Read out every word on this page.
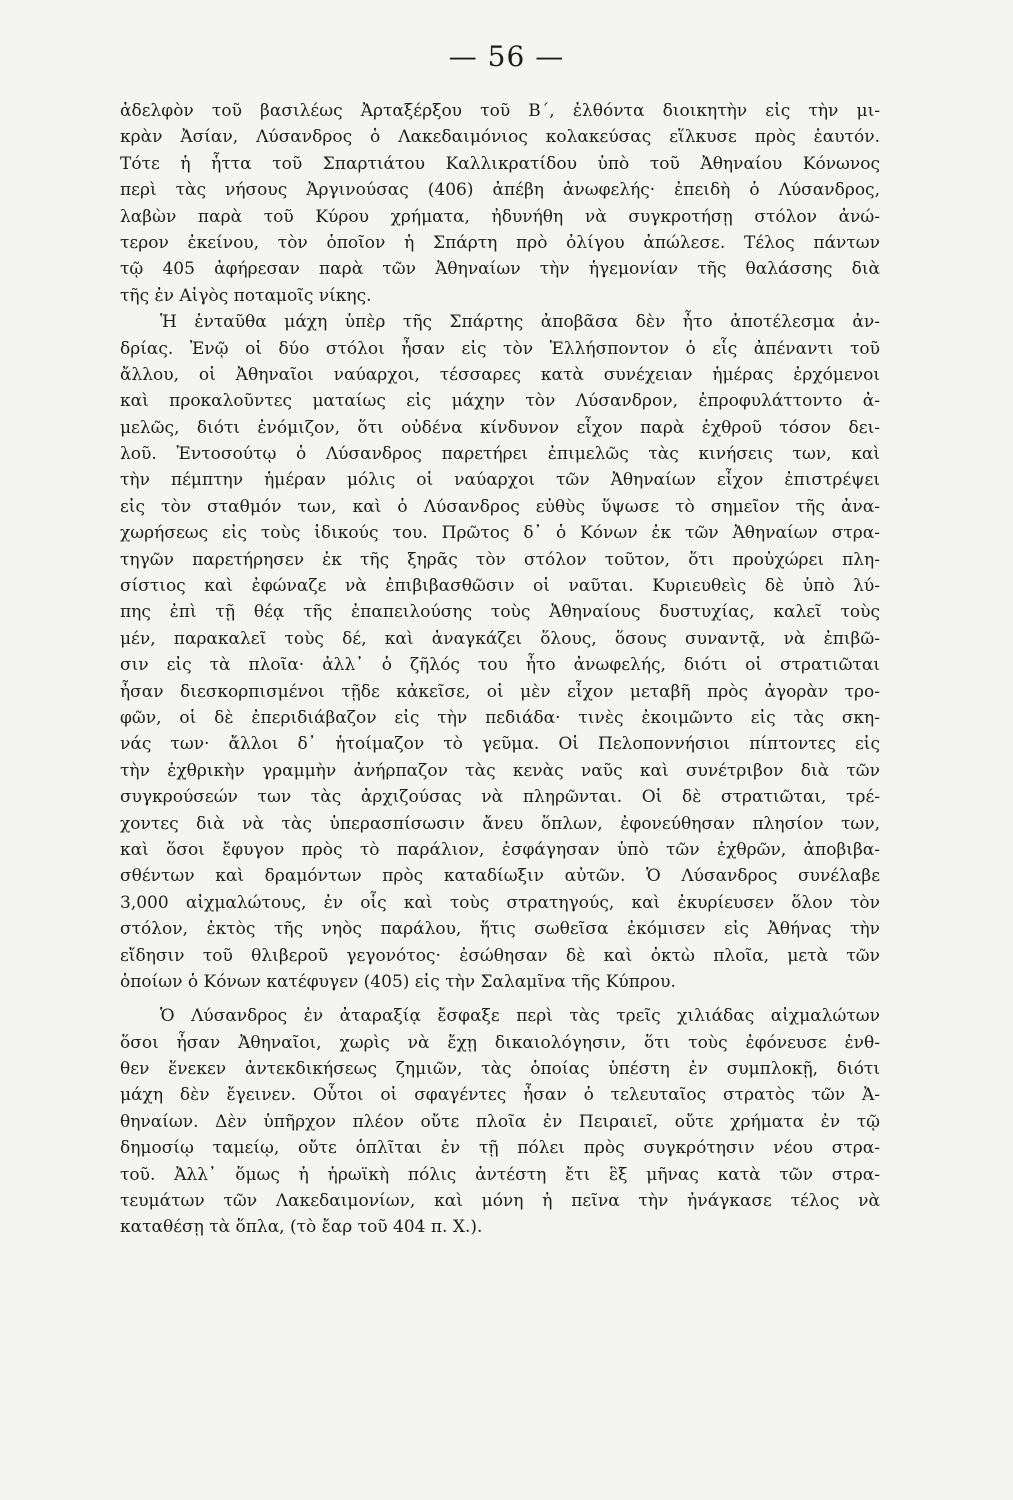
— 56 —
ἀδελφὸν τοῦ βασιλέως Ἀρταξέρξου τοῦ Β΄, ἐλθόντα διοικητὴν εἰς τὴν μι-
κρὰν Ἀσίαν, Λύσανδρος ὁ Λακεδαιμόνιος κολακεύσας εἵλκυσε πρὸς ἑαυτόν.
Τότε ἡ ἧττα τοῦ Σπαρτιάτου Καλλικρατίδου ὑπὸ τοῦ Ἀθηναίου Κόνωνος
περὶ τὰς νήσους Ἀργινούσας (406) ἀπέβη ἀνωφελής· ἐπειδὴ ὁ Λύσανδρος,
λαβὼν παρὰ τοῦ Κύρου χρήματα, ἠδυνήθη νὰ συγκροτήσῃ στόλον ἀνώ-
τερον ἐκείνου, τὸν ὁποῖον ἡ Σπάρτη πρὸ ὀλίγου ἀπώλεσε. Τέλος πάντων
τῷ 405 ἀφήρεσαν παρὰ τῶν Ἀθηναίων τὴν ἡγεμονίαν τῆς θαλάσσης διὰ
τῆς ἐν Αἰγὸς ποταμοῖς νίκης.
Ἡ ἐνταῦθα μάχη ὑπὲρ τῆς Σπάρτης ἀποβᾶσα δὲν ἦτο ἀποτέλεσμα ἀν-
δρίας. Ἐνῷ οἱ δύο στόλοι ἦσαν εἰς τὸν Ἑλλήσποντον ὁ εἷς ἀπέναντι τοῦ
ἄλλου, οἱ Ἀθηναῖοι ναύαρχοι, τέσσαρες κατὰ συνέχειαν ἡμέρας ἐρχόμενοι
καὶ προκαλοῦντες ματαίως εἰς μάχην τὸν Λύσανδρον, ἐπροφυλάττοντο ἀ-
μελῶς, διότι ἐνόμιζον, ὅτι οὐδένα κίνδυνον εἶχον παρὰ ἐχθροῦ τόσον δει-
λοῦ. Ἐντοσούτῳ ὁ Λύσανδρος παρετήρει ἐπιμελῶς τὰς κινήσεις των, καὶ
τὴν πέμπτην ἡμέραν μόλις οἱ ναύαρχοι τῶν Ἀθηναίων εἶχον ἐπιστρέψει
εἰς τὸν σταθμόν των, καὶ ὁ Λύσανδρος εὐθὺς ὕψωσε τὸ σημεῖον τῆς ἀνα-
χωρήσεως εἰς τοὺς ἰδικούς του. Πρῶτος δ᾽ ὁ Κόνων ἐκ τῶν Ἀθηναίων στρα-
τηγῶν παρετήρησεν ἐκ τῆς ξηρᾶς τὸν στόλον τοῦτον, ὅτι προὐχώρει πλη-
σίστιος καὶ ἐφώναζε νὰ ἐπιβιβασθῶσιν οἱ ναῦται. Κυριευθεὶς δὲ ὑπὸ λύ-
πης ἐπὶ τῇ θέᾳ τῆς ἐπαπειλούσης τοὺς Ἀθηναίους δυστυχίας, καλεῖ τοὺς
μέν, παρακαλεῖ τοὺς δέ, καὶ ἀναγκάζει ὅλους, ὅσους συναντᾷ, νὰ ἐπιβῶ-
σιν εἰς τὰ πλοῖα· ἀλλ᾽ ὁ ζῆλός του ἦτο ἀνωφελής, διότι οἱ στρατιῶται
ἦσαν διεσκορπισμένοι τῇδε κἀκεῖσε, οἱ μὲν εἶχον μεταβῆ πρὸς ἀγορὰν τρο-
φῶν, οἱ δὲ ἐπεριδιάβαζον εἰς τὴν πεδιάδα· τινὲς ἐκοιμῶντο εἰς τὰς σκη-
νάς των· ἄλλοι δ᾽ ἡτοίμαζον τὸ γεῦμα. Οἱ Πελοποννήσιοι πίπτοντες εἰς
τὴν ἐχθρικὴν γραμμὴν ἀνήρπαζον τὰς κενὰς ναῦς καὶ συνέτριβον διὰ τῶν
συγκρούσεών των τὰς ἀρχιζούσας νὰ πληρῶνται. Οἱ δὲ στρατιῶται, τρέ-
χοντες διὰ νὰ τὰς ὑπερασπίσωσιν ἄνευ ὅπλων, ἐφονεύθησαν πλησίον των,
καὶ ὅσοι ἔφυγον πρὸς τὸ παράλιον, ἐσφάγησαν ὑπὸ τῶν ἐχθρῶν, ἀποβιβα-
σθέντων καὶ δραμόντων πρὸς καταδίωξιν αὐτῶν. Ὁ Λύσανδρος συνέλαβε
3,000 αἰχμαλώτους, ἐν οἷς καὶ τοὺς στρατηγούς, καὶ ἐκυρίευσεν ὅλον τὸν
στόλον, ἐκτὸς τῆς νηὸς παράλου, ἥτις σωθεῖσα ἐκόμισεν εἰς Ἀθήνας τὴν
εἴδησιν τοῦ θλιβεροῦ γεγονότος· ἐσώθησαν δὲ καὶ ὀκτὼ πλοῖα, μετὰ τῶν
ὁποίων ὁ Κόνων κατέφυγεν (405) εἰς τὴν Σαλαμῖνα τῆς Κύπρου.
Ὁ Λύσανδρος ἐν ἀταραξίᾳ ἔσφαξε περὶ τὰς τρεῖς χιλιάδας αἰχμαλώτων
ὅσοι ἦσαν Ἀθηναῖοι, χωρὶς νὰ ἔχῃ δικαιολόγησιν, ὅτι τοὺς ἐφόνευσε ἐνθ-
θεν ἕνεκεν ἀντεκδικήσεως ζημιῶν, τὰς ὁποίας ὑπέστη ἐν συμπλοκῇ, διότι
μάχη δὲν ἔγεινεν. Οὗτοι οἱ σφαγέντες ἦσαν ὁ τελευταῖος στρατὸς τῶν Ἀ-
θηναίων. Δὲν ὑπῆρχον πλέον οὔτε πλοῖα ἐν Πειραιεῖ, οὔτε χρήματα ἐν τῷ
δημοσίῳ ταμείῳ, οὔτε ὁπλῖται ἐν τῇ πόλει πρὸς συγκρότησιν νέου στρα-
τοῦ. Ἀλλ᾽ ὅμως ἡ ἡρωϊκὴ πόλις ἀντέστη ἔτι ἓξ μῆνας κατὰ τῶν στρα-
τευμάτων τῶν Λακεδαιμονίων, καὶ μόνη ἡ πεῖνα τὴν ἠνάγκασε τέλος νὰ
καταθέσῃ τὰ ὅπλα, (τὸ ἔαρ τοῦ 404 π. Χ.).
